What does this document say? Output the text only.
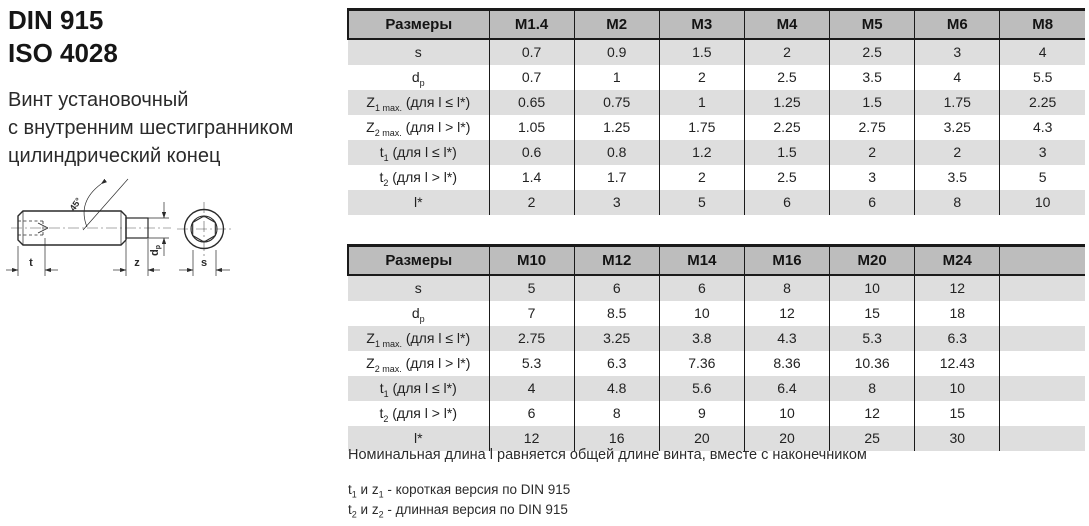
DIN 915
ISO 4028
Винт установочный
с внутренним шестигранником
цилиндрический конец
45°
t	z
dp
s
Размеры	M1.4	M2	M3	M4	M5	M6	M8
s	0.7	0.9	1.5	2	2.5	3	4
$d_p$	0.7	1	2	2.5	3.5	4	5.5
$Z_{1 max.}$ (для l ≤ l*)	0.65	0.75	1	1.25	1.5	1.75	2.25
$Z_{2 max.}$ (для l > l*)	1.05	1.25	1.75	2.25	2.75	3.25	4.3
$t_1$ (для l ≤ l*)	0.6	0.8	1.2	1.5	2	2	3
$t_2$ (для l > l*)	1.4	1.7	2	2.5	3	3.5	5
l*	2	3	5	6	6	8	10
Размеры	M10	M12	M14	M16	M20	M24	
s	5	6	6	8	10	12	
$d_p$	7	8.5	10	12	15	18	
$Z_{1 max.}$ (для l ≤ l*)	2.75	3.25	3.8	4.3	5.3	6.3	
$Z_{2 max.}$ (для l > l*)	5.3	6.3	7.36	8.36	10.36	12.43	
$t_1$ (для l ≤ l*)	4	4.8	5.6	6.4	8	10	
$t_2$ (для l > l*)	6	8	9	10	12	15	
l*	12	16	20	20	25	30	
Номинальная длина l равняется общей длине винта, вместе с наконечником
$t_1$ и $z_1$ - короткая версия по DIN 915
$t_2$ и $z_2$ - длинная версия по DIN 915
